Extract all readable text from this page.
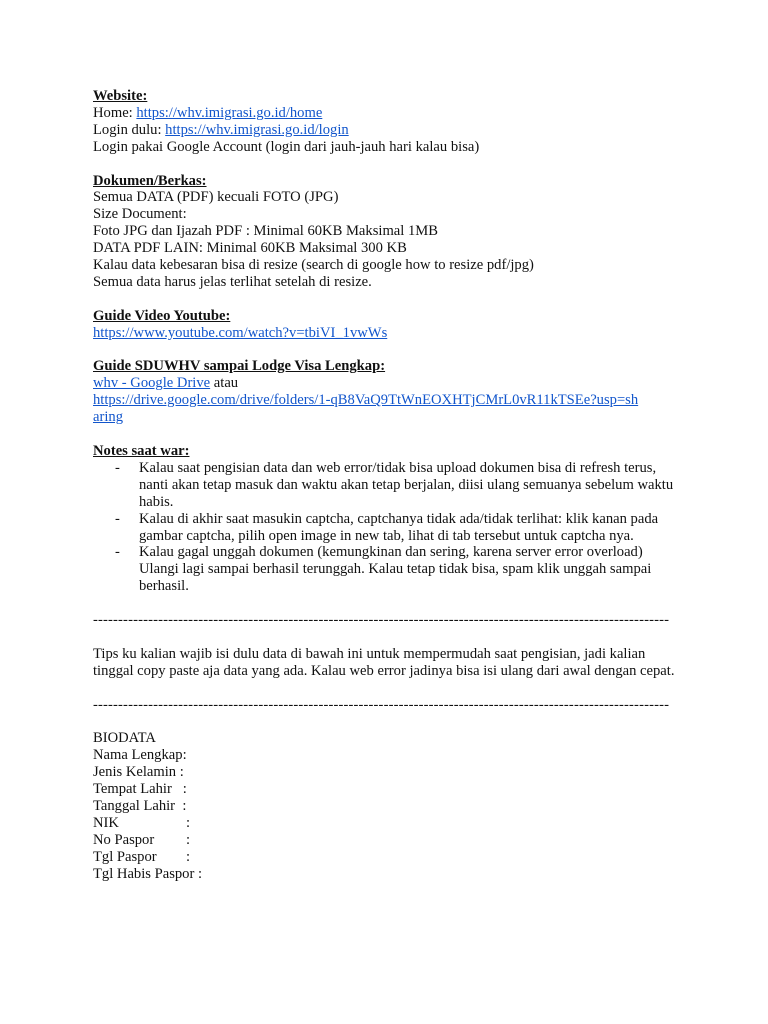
Website:
Home: https://whv.imigrasi.go.id/home
Login dulu: https://whv.imigrasi.go.id/login
Login pakai Google Account (login dari jauh-jauh hari kalau bisa)
Dokumen/Berkas:
Semua DATA (PDF) kecuali FOTO (JPG)
Size Document:
Foto JPG dan Ijazah PDF : Minimal 60KB Maksimal 1MB
DATA PDF LAIN: Minimal 60KB Maksimal 300 KB
Kalau data kebesaran bisa di resize (search di google how to resize pdf/jpg)
Semua data harus jelas terlihat setelah di resize.
Guide Video Youtube:
https://www.youtube.com/watch?v=tbiVI_1vwWs
Guide SDUWHV sampai Lodge Visa Lengkap:
whv - Google Drive atau
https://drive.google.com/drive/folders/1-qB8VaQ9TtWnEOXHTjCMrL0vR11kTSEe?usp=sh
aring
Notes saat war:
- Kalau saat pengisian data dan web error/tidak bisa upload dokumen bisa di refresh terus, nanti akan tetap masuk dan waktu akan tetap berjalan, diisi ulang semuanya sebelum waktu habis.
- Kalau di akhir saat masukin captcha, captchanya tidak ada/tidak terlihat: klik kanan pada gambar captcha, pilih open image in new tab, lihat di tab tersebut untuk captcha nya.
- Kalau gagal unggah dokumen (kemungkinan dan sering, karena server error overload) Ulangi lagi sampai berhasil terunggah. Kalau tetap tidak bisa, spam klik unggah sampai berhasil.
-------------------------------------------------------------------------------------------------------------------
Tips ku kalian wajib isi dulu data di bawah ini untuk mempermudah saat pengisian, jadi kalian tinggal copy paste aja data yang ada. Kalau web error jadinya bisa isi ulang dari awal dengan cepat.
-------------------------------------------------------------------------------------------------------------------
BIODATA
Nama Lengkap:
Jenis Kelamin :
Tempat Lahir   :
Tanggal Lahir  :
NIK	:
No Paspor :
Tgl Paspor :
Tgl Habis Paspor :
